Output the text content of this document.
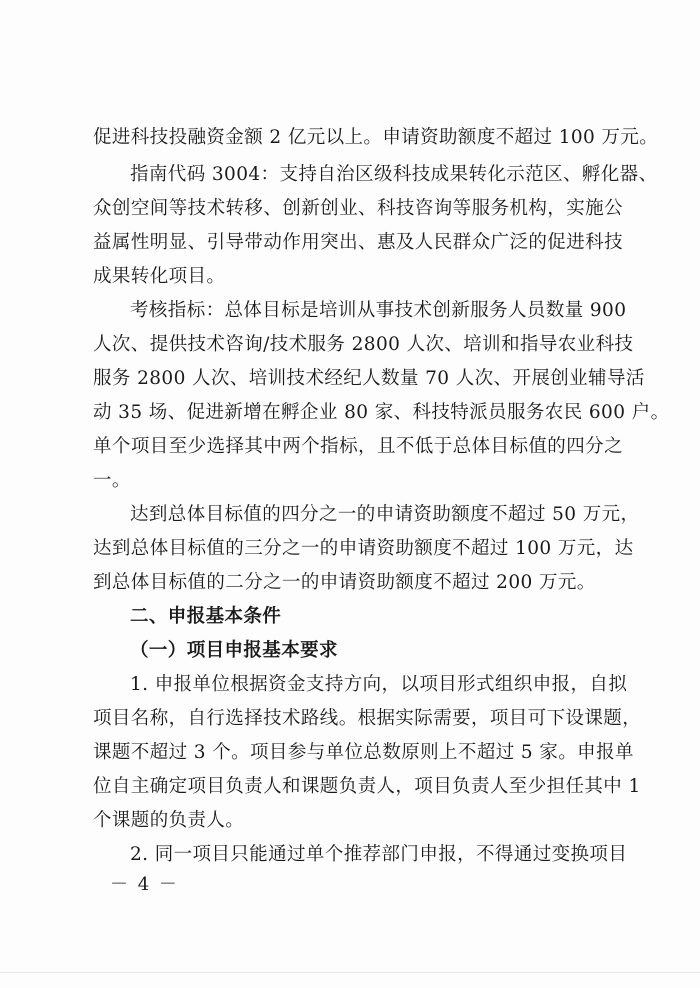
促进科技投融资金额 2 亿元以上。申请资助额度不超过 100 万元。
指南代码 3004：支持自治区级科技成果转化示范区、孵化器、
众创空间等技术转移、创新创业、科技咨询等服务机构，实施公
益属性明显、引导带动作用突出、惠及人民群众广泛的促进科技
成果转化项目。
考核指标：总体目标是培训从事技术创新服务人员数量 900
人次、提供技术咨询/技术服务 2800 人次、培训和指导农业科技
服务 2800 人次、培训技术经纪人数量 70 人次、开展创业辅导活
动 35 场、促进新增在孵企业 80 家、科技特派员服务农民 600 户。
单个项目至少选择其中两个指标，且不低于总体目标值的四分之
一。
达到总体目标值的四分之一的申请资助额度不超过 50 万元，
达到总体目标值的三分之一的申请资助额度不超过 100 万元，达
到总体目标值的二分之一的申请资助额度不超过 200 万元。
二、申报基本条件
（一）项目申报基本要求
1. 申报单位根据资金支持方向，以项目形式组织申报，自拟
项目名称，自行选择技术路线。根据实际需要，项目可下设课题，
课题不超过 3 个。项目参与单位总数原则上不超过 5 家。申报单
位自主确定项目负责人和课题负责人，项目负责人至少担任其中 1
个课题的负责人。
2. 同一项目只能通过单个推荐部门申报，不得通过变换项目
－ 4 －
